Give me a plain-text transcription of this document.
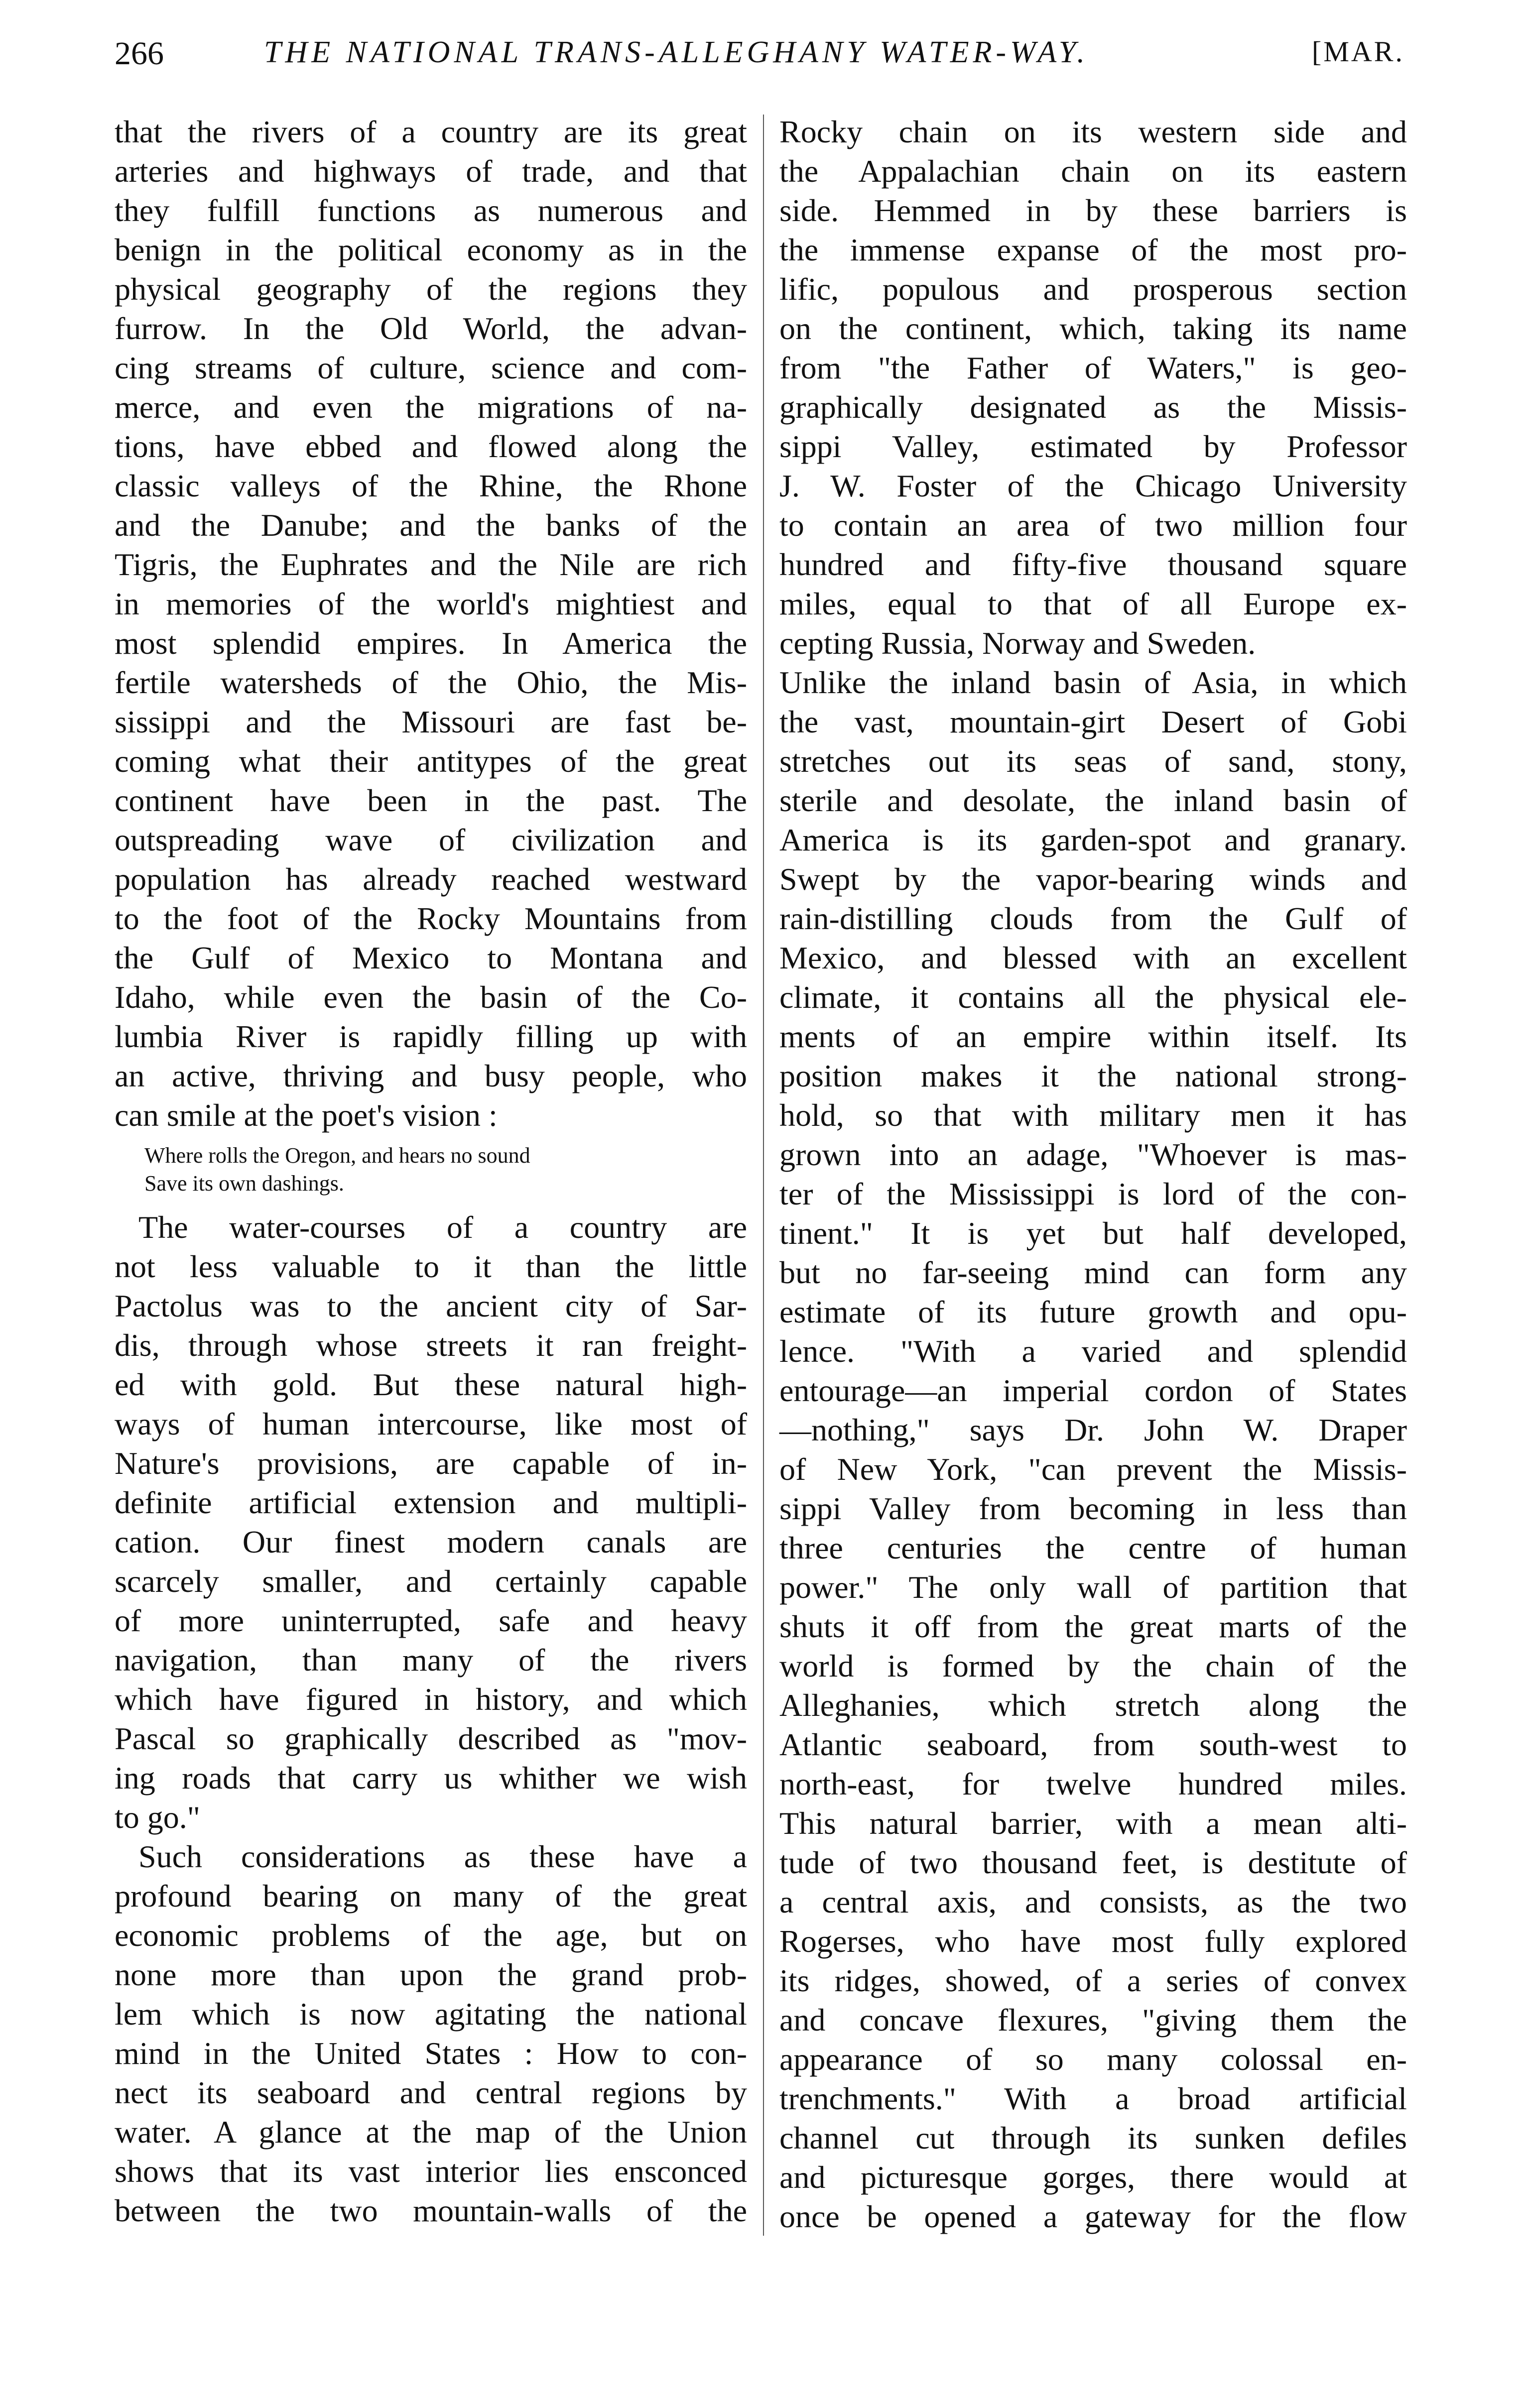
266	THE NATIONAL TRANS-ALLEGHANY WATER-WAY.	[MAR.
that the rivers of a country are its great
arteries and highways of trade, and that
they fulfill functions as numerous and
benign in the political economy as in the
physical geography of the regions they
furrow. In the Old World, the advan-
cing streams of culture, science and com-
merce, and even the migrations of na-
tions, have ebbed and flowed along the
classic valleys of the Rhine, the Rhone
and the Danube; and the banks of the
Tigris, the Euphrates and the Nile are rich
in memories of the world's mightiest and
most splendid empires. In America the
fertile watersheds of the Ohio, the Mis-
sissippi and the Missouri are fast be-
coming what their antitypes of the great
continent have been in the past. The
outspreading wave of civilization and
population has already reached westward
to the foot of the Rocky Mountains from
the Gulf of Mexico to Montana and
Idaho, while even the basin of the Co-
lumbia River is rapidly filling up with
an active, thriving and busy people, who
can smile at the poet's vision :
Where rolls the Oregon, and hears no sound
Save its own dashings.
The water-courses of a country are
not less valuable to it than the little
Pactolus was to the ancient city of Sar-
dis, through whose streets it ran freight-
ed with gold. But these natural high-
ways of human intercourse, like most of
Nature's provisions, are capable of in-
definite artificial extension and multipli-
cation. Our finest modern canals are
scarcely smaller, and certainly capable
of more uninterrupted, safe and heavy
navigation, than many of the rivers
which have figured in history, and which
Pascal so graphically described as "mov-
ing roads that carry us whither we wish
to go."
Such considerations as these have a
profound bearing on many of the great
economic problems of the age, but on
none more than upon the grand prob-
lem which is now agitating the national
mind in the United States : How to con-
nect its seaboard and central regions by
water. A glance at the map of the Union
shows that its vast interior lies ensconced
between the two mountain-walls of the
Rocky chain on its western side and
the Appalachian chain on its eastern
side. Hemmed in by these barriers is
the immense expanse of the most pro-
lific, populous and prosperous section
on the continent, which, taking its name
from "the Father of Waters," is geo-
graphically designated as the Missis-
sippi Valley, estimated by Professor
J. W. Foster of the Chicago University
to contain an area of two million four
hundred and fifty-five thousand square
miles, equal to that of all Europe ex-
cepting Russia, Norway and Sweden.
Unlike the inland basin of Asia, in which
the vast, mountain-girt Desert of Gobi
stretches out its seas of sand, stony,
sterile and desolate, the inland basin of
America is its garden-spot and granary.
Swept by the vapor-bearing winds and
rain-distilling clouds from the Gulf of
Mexico, and blessed with an excellent
climate, it contains all the physical ele-
ments of an empire within itself. Its
position makes it the national strong-
hold, so that with military men it has
grown into an adage, "Whoever is mas-
ter of the Mississippi is lord of the con-
tinent." It is yet but half developed,
but no far-seeing mind can form any
estimate of its future growth and opu-
lence. "With a varied and splendid
entourage—an imperial cordon of States
—nothing," says Dr. John W. Draper
of New York, "can prevent the Missis-
sippi Valley from becoming in less than
three centuries the centre of human
power." The only wall of partition that
shuts it off from the great marts of the
world is formed by the chain of the
Alleghanies, which stretch along the
Atlantic seaboard, from south-west to
north-east, for twelve hundred miles.
This natural barrier, with a mean alti-
tude of two thousand feet, is destitute of
a central axis, and consists, as the two
Rogerses, who have most fully explored
its ridges, showed, of a series of convex
and concave flexures, "giving them the
appearance of so many colossal en-
trenchments." With a broad artificial
channel cut through its sunken defiles
and picturesque gorges, there would at
once be opened a gateway for the flow
